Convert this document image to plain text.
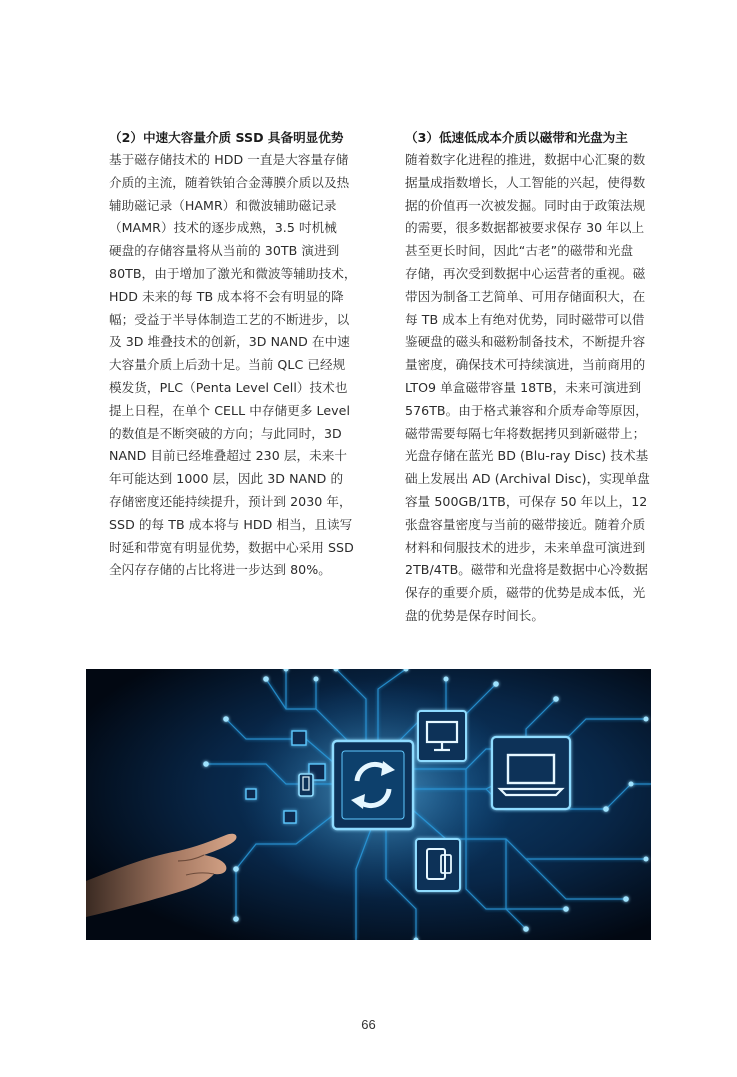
（2）中速大容量介质 SSD 具备明显优势

基于磁存储技术的 HDD 一直是大容量存储
介质的主流，随着铁铂合金薄膜介质以及热
辅助磁记录（HAMR）和微波辅助磁记录
（MAMR）技术的逐步成熟，3.5 吋机械
硬盘的存储容量将从当前的 30TB 演进到
80TB，由于增加了激光和微波等辅助技术，
HDD 未来的每 TB 成本将不会有明显的降
幅；受益于半导体制造工艺的不断进步，以
及 3D 堆叠技术的创新，3D NAND 在中速
大容量介质上后劲十足。当前 QLC 已经规
模发货，PLC（Penta Level Cell）技术也
提上日程，在单个 CELL 中存储更多 Level
的数值是不断突破的方向；与此同时，3D
NAND 目前已经堆叠超过 230 层，未来十
年可能达到 1000 层，因此 3D NAND 的
存储密度还能持续提升，预计到 2030 年，
SSD 的每 TB 成本将与 HDD 相当，且读写
时延和带宽有明显优势，数据中心采用 SSD
全闪存存储的占比将进一步达到 80%。

（3）低速低成本介质以磁带和光盘为主

随着数字化进程的推进，数据中心汇聚的数
据量成指数增长，人工智能的兴起，使得数
据的价值再一次被发掘。同时由于政策法规
的需要，很多数据都被要求保存 30 年以上
甚至更长时间，因此“古老”的磁带和光盘
存储，再次受到数据中心运营者的重视。磁
带因为制备工艺简单、可用存储面积大，在
每 TB 成本上有绝对优势，同时磁带可以借
鉴硬盘的磁头和磁粉制备技术，不断提升容
量密度，确保技术可持续演进，当前商用的
LTO9 单盒磁带容量 18TB，未来可演进到
576TB。由于格式兼容和介质寿命等原因，
磁带需要每隔七年将数据拷贝到新磁带上；
光盘存储在蓝光 BD (Blu-ray Disc) 技术基
础上发展出 AD (Archival Disc)，实现单盘
容量 500GB/1TB，可保存 50 年以上，12
张盘容量密度与当前的磁带接近。随着介质
材料和伺服技术的进步，未来单盘可演进到
2TB/4TB。磁带和光盘将是数据中心冷数据
保存的重要介质，磁带的优势是成本低，光
盘的优势是保存时间长。
66
